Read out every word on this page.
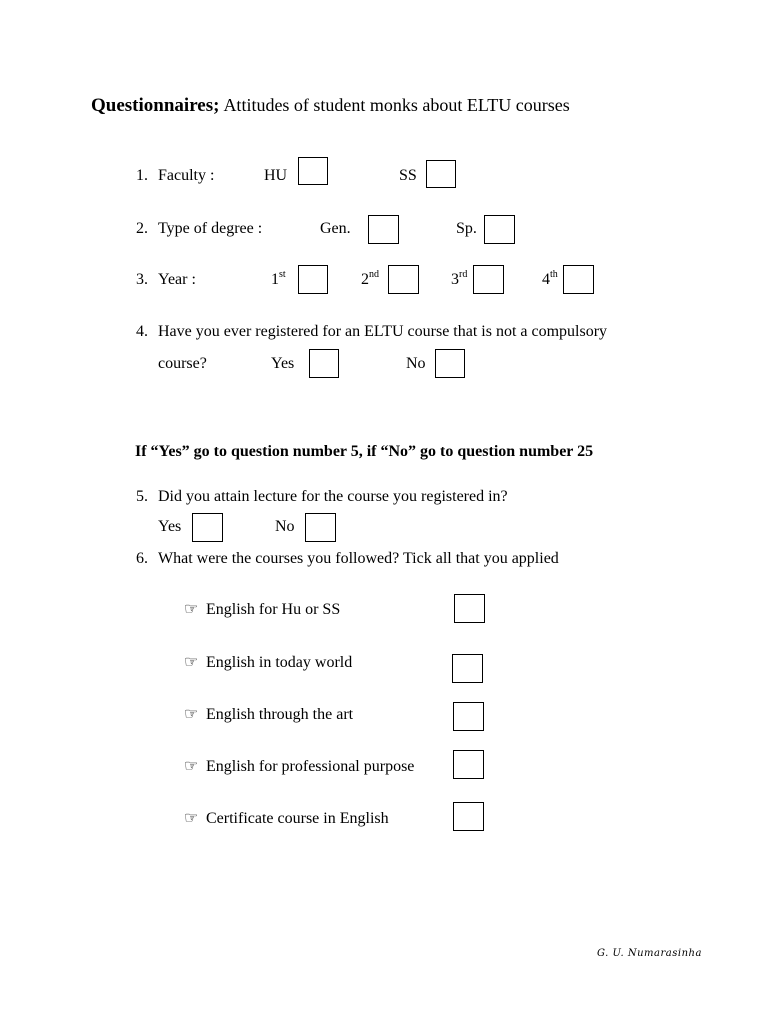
Questionnaires; Attitudes of student monks about ELTU courses
1. Faculty :	HU	SS
2. Type of degree :	Gen.	Sp.
3. Year :	1st	2nd	3rd	4th
4. Have you ever registered for an ELTU course that is not a compulsory
course?	Yes	No
If “Yes” go to question number 5, if “No” go to question number 25
5. Did you attain lecture for the course you registered in?
Yes	No
6. What were the courses you followed? Tick all that you applied
☞ English for Hu or SS
☞ English in today world
☞ English through the art
☞ English for professional purpose
☞ Certificate course in English
G. U. Numarasinha
